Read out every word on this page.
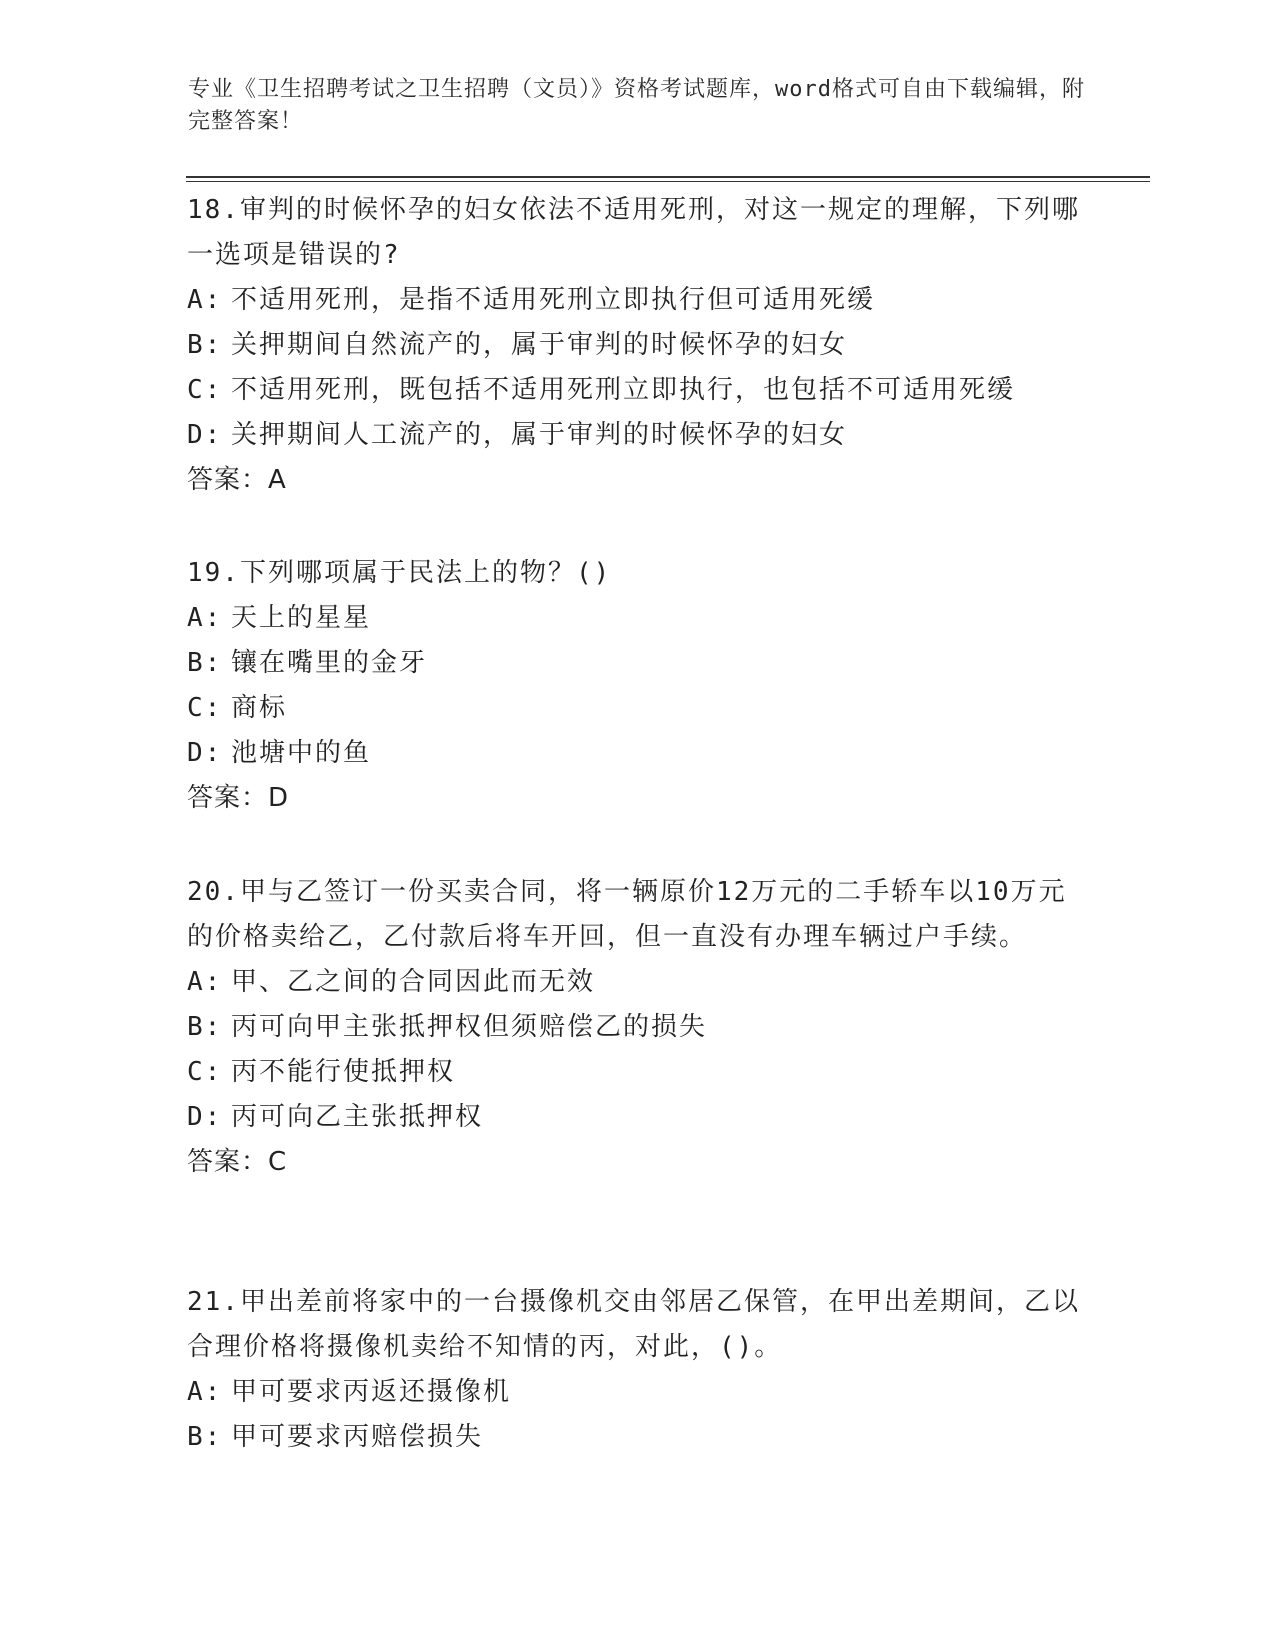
专业《卫生招聘考试之卫生招聘（文员）》资格考试题库，word格式可自由下载编辑，附完整答案！
18.审判的时候怀孕的妇女依法不适用死刑，对这一规定的理解，下列哪一选项是错误的?
A: 不适用死刑，是指不适用死刑立即执行但可适用死缓
B: 关押期间自然流产的，属于审判的时候怀孕的妇女
C: 不适用死刑，既包括不适用死刑立即执行，也包括不可适用死缓
D: 关押期间人工流产的，属于审判的时候怀孕的妇女
答案：A
19.下列哪项属于民法上的物？()
A: 天上的星星
B: 镶在嘴里的金牙
C: 商标
D: 池塘中的鱼
答案：D
20.甲与乙签订一份买卖合同，将一辆原价12万元的二手轿车以10万元的价格卖给乙，乙付款后将车开回，但一直没有办理车辆过户手续。
A: 甲、乙之间的合同因此而无效
B: 丙可向甲主张抵押权但须赔偿乙的损失
C: 丙不能行使抵押权
D: 丙可向乙主张抵押权
答案：C
21.甲出差前将家中的一台摄像机交由邻居乙保管，在甲出差期间，乙以合理价格将摄像机卖给不知情的丙，对此，()。
A: 甲可要求丙返还摄像机
B: 甲可要求丙赔偿损失
